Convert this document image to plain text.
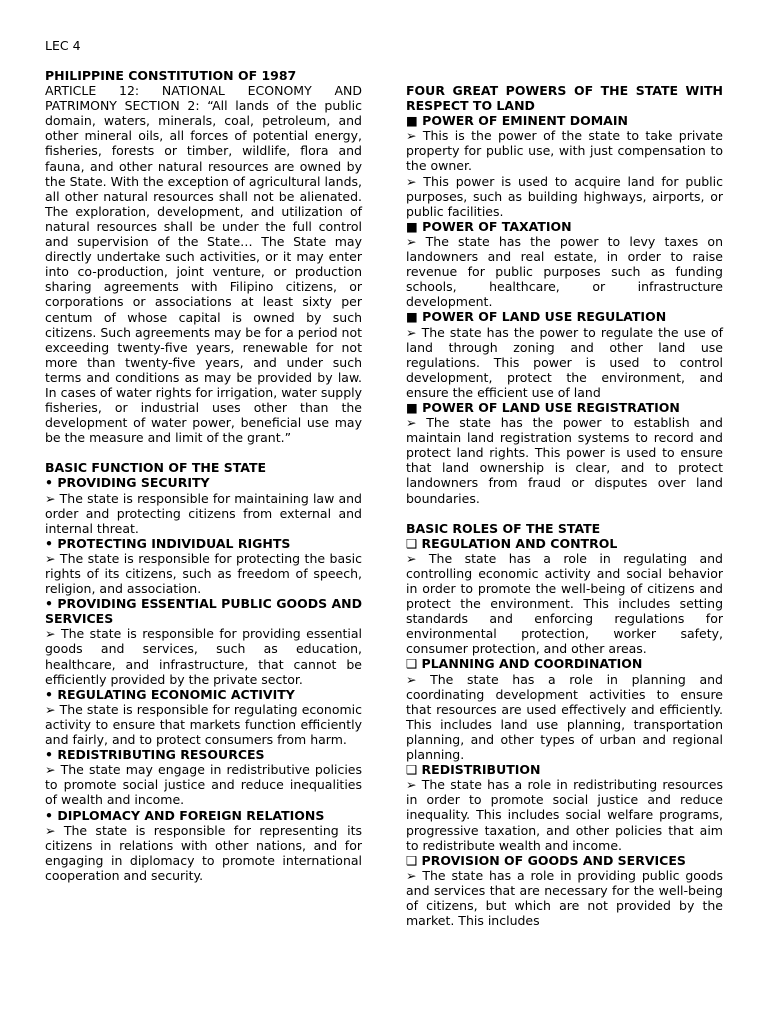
LEC 4

PHILIPPINE CONSTITUTION OF 1987

ARTICLE 12: NATIONAL ECONOMY AND PATRIMONY SECTION 2: “All lands of the public domain, waters, minerals, coal, petroleum, and other mineral oils, all forces of potential energy, fisheries, forests or timber, wildlife, flora and fauna, and other natural resources are owned by the State. With the exception of agricultural lands, all other natural resources shall not be alienated. The exploration, development, and utilization of natural resources shall be under the full control and supervision of the State… The State may directly undertake such activities, or it may enter into co-production, joint venture, or production sharing agreements with Filipino citizens, or corporations or associations at least sixty per centum of whose capital is owned by such citizens. Such agreements may be for a period not exceeding twenty-five years, renewable for not more than twenty-five years, and under such terms and conditions as may be provided by law. In cases of water rights for irrigation, water supply fisheries, or industrial uses other than the development of water power, beneficial use may be the measure and limit of the grant.”

BASIC FUNCTION OF THE STATE

• PROVIDING SECURITY

➢ The state is responsible for maintaining law and order and protecting citizens from external and internal threat.

• PROTECTING INDIVIDUAL RIGHTS

➢ The state is responsible for protecting the basic rights of its citizens, such as freedom of speech, religion, and association.

• PROVIDING ESSENTIAL PUBLIC GOODS AND SERVICES

➢ The state is responsible for providing essential goods and services, such as education, healthcare, and infrastructure, that cannot be efficiently provided by the private sector.

• REGULATING ECONOMIC ACTIVITY

➢ The state is responsible for regulating economic activity to ensure that markets function efficiently and fairly, and to protect consumers from harm.

• REDISTRIBUTING RESOURCES

➢ The state may engage in redistributive policies to promote social justice and reduce inequalities of wealth and income.

• DIPLOMACY AND FOREIGN RELATIONS

➢ The state is responsible for representing its citizens in relations with other nations, and for engaging in diplomacy to promote international cooperation and security.

FOUR GREAT POWERS OF THE STATE WITH RESPECT TO LAND

■ POWER OF EMINENT DOMAIN

➢ This is the power of the state to take private property for public use, with just compensation to the owner.

➢ This power is used to acquire land for public purposes, such as building highways, airports, or public facilities.

■ POWER OF TAXATION

➢ The state has the power to levy taxes on landowners and real estate, in order to raise revenue for public purposes such as funding schools, healthcare, or infrastructure development.

■ POWER OF LAND USE REGULATION

➢ The state has the power to regulate the use of land through zoning and other land use regulations. This power is used to control development, protect the environment, and ensure the efficient use of land

■ POWER OF LAND USE REGISTRATION

➢ The state has the power to establish and maintain land registration systems to record and protect land rights. This power is used to ensure that land ownership is clear, and to protect landowners from fraud or disputes over land boundaries.

BASIC ROLES OF THE STATE

❑ REGULATION AND CONTROL

➢ The state has a role in regulating and controlling economic activity and social behavior in order to promote the well-being of citizens and protect the environment. This includes setting standards and enforcing regulations for environmental protection, worker safety, consumer protection, and other areas.

❑ PLANNING AND COORDINATION

➢ The state has a role in planning and coordinating development activities to ensure that resources are used effectively and efficiently. This includes land use planning, transportation planning, and other types of urban and regional planning.

❑ REDISTRIBUTION

➢ The state has a role in redistributing resources in order to promote social justice and reduce inequality. This includes social welfare programs, progressive taxation, and other policies that aim to redistribute wealth and income.

❑ PROVISION OF GOODS AND SERVICES

➢ The state has a role in providing public goods and services that are necessary for the well-being of citizens, but which are not provided by the market. This includes
